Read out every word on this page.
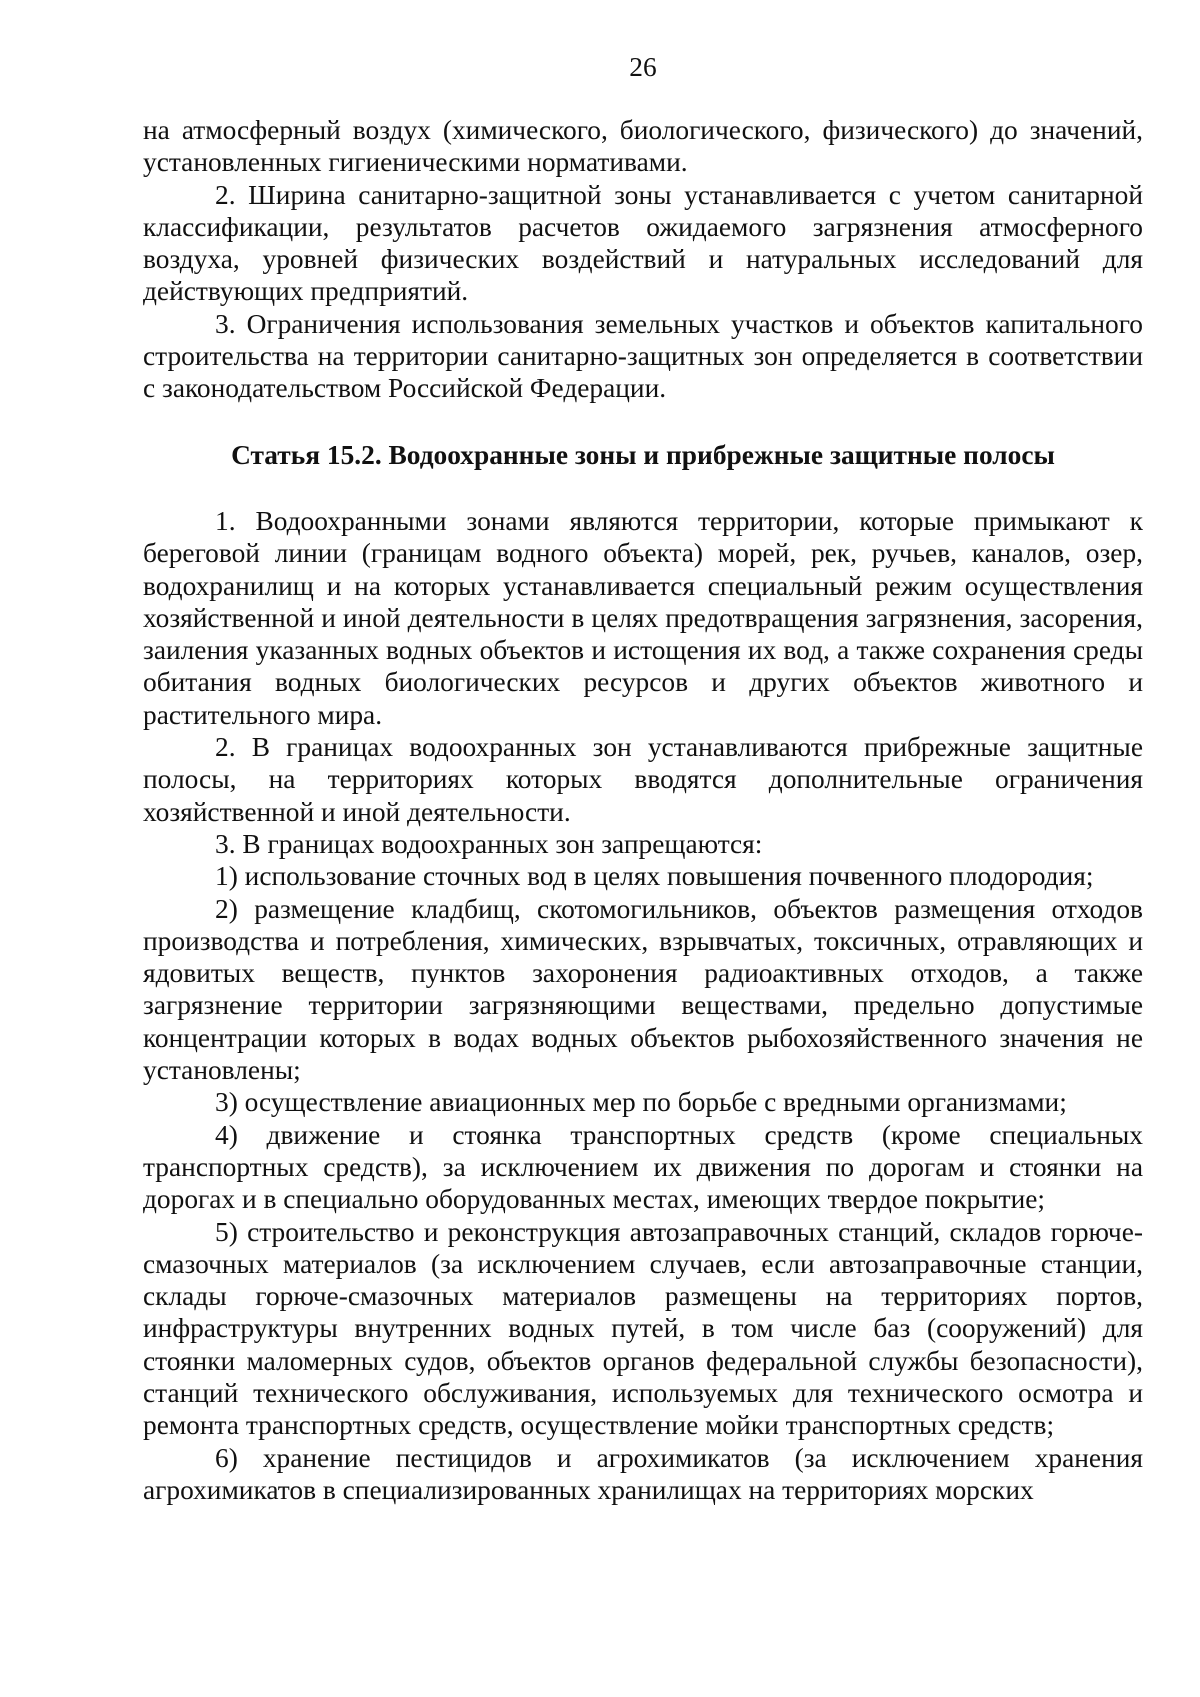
26

на атмосферный воздух (химического, биологического, физического) до значений, установленных гигиеническими нормативами.

2. Ширина санитарно-защитной зоны устанавливается с учетом санитарной классификации, результатов расчетов ожидаемого загрязнения атмосферного воздуха, уровней физических воздействий и натуральных исследований для действующих предприятий.

3. Ограничения использования земельных участков и объектов капитального строительства на территории санитарно-защитных зон определяется в соответствии с законодательством Российской Федерации.

Статья 15.2. Водоохранные зоны и прибрежные защитные полосы

1. Водоохранными зонами являются территории, которые примыкают к береговой линии (границам водного объекта) морей, рек, ручьев, каналов, озер, водохранилищ и на которых устанавливается специальный режим осуществления хозяйственной и иной деятельности в целях предотвращения загрязнения, засорения, заиления указанных водных объектов и истощения их вод, а также сохранения среды обитания водных биологических ресурсов и других объектов животного и растительного мира.

2. В границах водоохранных зон устанавливаются прибрежные защитные полосы, на территориях которых вводятся дополнительные ограничения хозяйственной и иной деятельности.

3. В границах водоохранных зон запрещаются:

1) использование сточных вод в целях повышения почвенного плодородия;

2) размещение кладбищ, скотомогильников, объектов размещения отходов производства и потребления, химических, взрывчатых, токсичных, отравляющих и ядовитых веществ, пунктов захоронения радиоактивных отходов, а также загрязнение территории загрязняющими веществами, предельно допустимые концентрации которых в водах водных объектов рыбохозяйственного значения не установлены;

3) осуществление авиационных мер по борьбе с вредными организмами;

4) движение и стоянка транспортных средств (кроме специальных транспортных средств), за исключением их движения по дорогам и стоянки на дорогах и в специально оборудованных местах, имеющих твердое покрытие;

5) строительство и реконструкция автозаправочных станций, складов горюче-смазочных материалов (за исключением случаев, если автозаправочные станции, склады горюче-смазочных материалов размещены на территориях портов, инфраструктуры внутренних водных путей, в том числе баз (сооружений) для стоянки маломерных судов, объектов органов федеральной службы безопасности), станций технического обслуживания, используемых для технического осмотра и ремонта транспортных средств, осуществление мойки транспортных средств;

6) хранение пестицидов и агрохимикатов (за исключением хранения агрохимикатов в специализированных хранилищах на территориях морских
